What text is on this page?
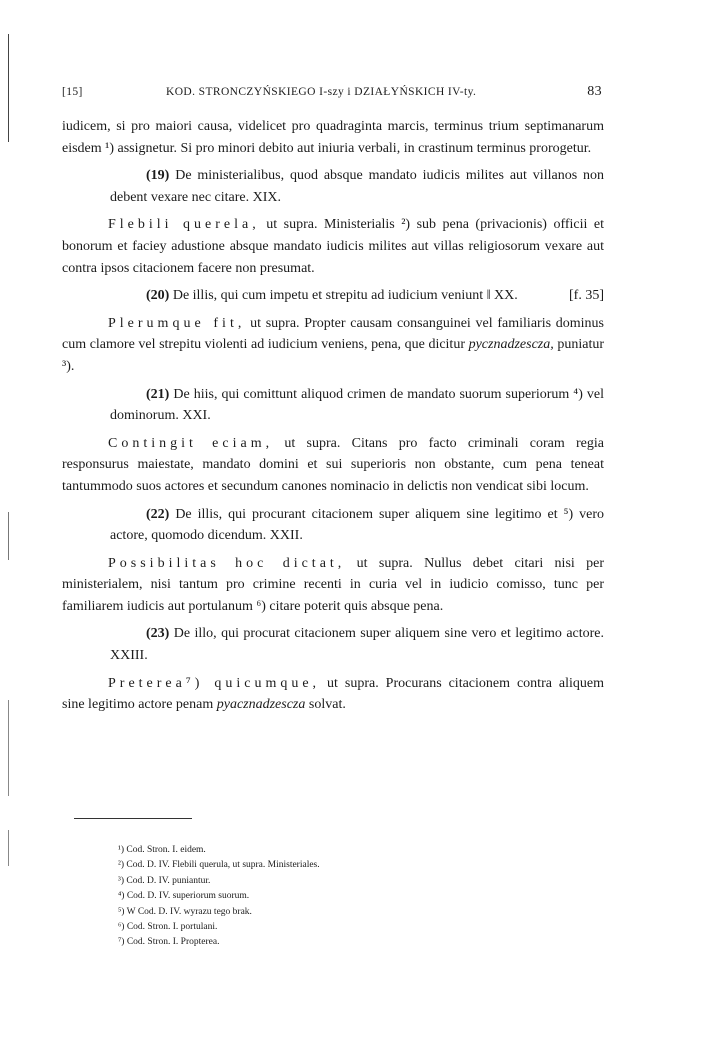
[15]	KOD. STRONCZYŃSKIEGO I-szy i DZIAŁYŃSKICH IV-ty.	83

iudicem, si pro maiori causa, videlicet pro quadraginta marcis, terminus trium septimanarum eisdem ¹) assignetur. Si pro minori debito aut iniuria verbali, in crastinum terminus prorogetur.

(19) De ministerialibus, quod absque mandato iudicis milites aut villanos non debent vexare nec citare. XIX.

Flebili querela, ut supra. Ministerialis ²) sub pena (privacionis) officii et bonorum et faciey adustione absque mandato iudicis milites aut villas religiosorum vexare aut contra ipsos citacionem facere non presumat.

(20) De illis, qui cum impetu et strepitu ad iudicium veniunt ‖ XX.	[f. 35]

Plerumque fit, ut supra. Propter causam consanguinei vel familiaris dominus cum clamore vel strepitu violenti ad iudicium veniens, pena, que dicitur pycznadzescza, puniatur ³).

(21) De hiis, qui comittunt aliquod crimen de mandato suorum superiorum ⁴) vel dominorum. XXI.

Contingit eciam, ut supra. Citans pro facto criminali coram regia responsurus maiestate, mandato domini et sui superioris non obstante, cum pena teneat tantummodo suos actores et secundum canones nominacio in delictis non vendicat sibi locum.

(22) De illis, qui procurant citacionem super aliquem sine legitimo et ⁵) vero actore, quomodo dicendum. XXII.

Possibilitas hoc dictat, ut supra. Nullus debet citari nisi per ministerialem, nisi tantum pro crimine recenti in curia vel in iudicio comisso, tunc per familiarem iudicis aut portulanum ⁶) citare poterit quis absque pena.

(23) De illo, qui procurat citacionem super aliquem sine vero et legitimo actore. XXIII.

Preterea⁷) quicumque, ut supra. Procurans citacionem contra aliquem sine legitimo actore penam pyacznadzescza solvat.

¹) Cod. Stron. I. eidem.
²) Cod. D. IV. Flebili querula, ut supra. Ministeriales.
³) Cod. D. IV. puniantur.
⁴) Cod. D. IV. superiorum suorum.
⁵) W Cod. D. IV. wyrazu tego brak.
⁶) Cod. Stron. I. portulani.
⁷) Cod. Stron. I. Propterea.
